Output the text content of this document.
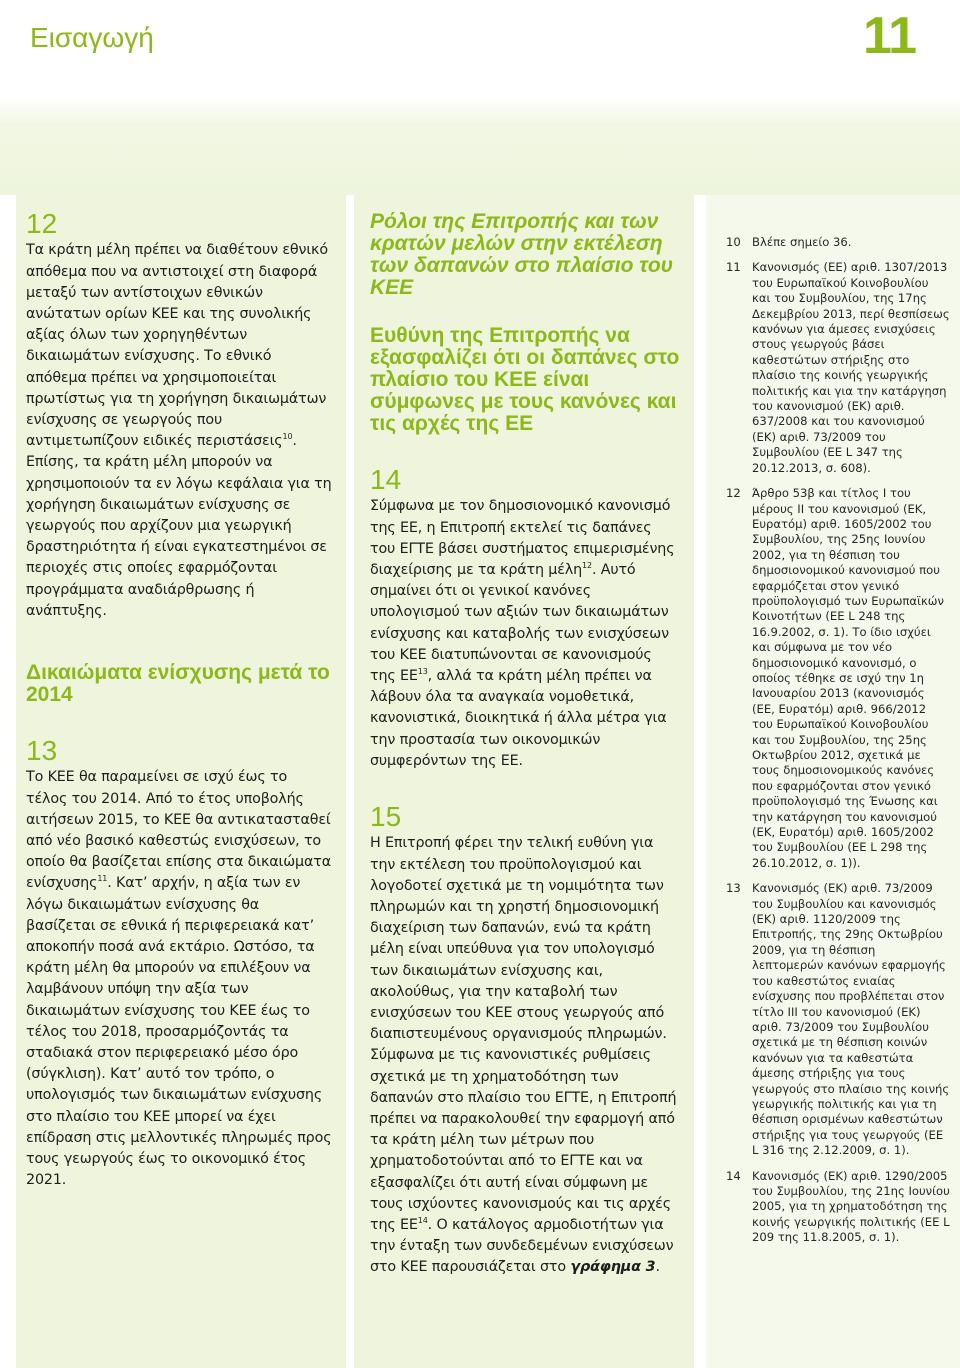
Εισαγωγή	11
12

Τα κράτη μέλη πρέπει να διαθέτουν εθνικό απόθεμα που να αντιστοιχεί στη διαφορά μεταξύ των αντίστοιχων εθνικών ανώτατων ορίων ΚΕΕ και της συνολικής αξίας όλων των χορηγηθέντων δικαιωμάτων ενίσχυσης. Το εθνικό απόθεμα πρέπει να χρησιμοποιείται πρωτίστως για τη χορήγηση δικαιωμάτων ενίσχυσης σε γεωργούς που αντιμετωπίζουν ειδικές περιστάσεις$^{10}$. Επίσης, τα κράτη μέλη μπορούν να χρησιμοποιούν τα εν λόγω κεφάλαια για τη χορήγηση δικαιωμάτων ενίσχυσης σε γεωργούς που αρχίζουν μια γεωργική δραστηριότητα ή είναι εγκατεστημένοι σε περιοχές στις οποίες εφαρμόζονται προγράμματα αναδιάρθρωσης ή ανάπτυξης.

Δικαιώματα ενίσχυσης μετά το 2014
13

Το ΚΕΕ θα παραμείνει σε ισχύ έως το τέλος του 2014. Από το έτος υποβολής αιτήσεων 2015, το ΚΕΕ θα αντικατασταθεί από νέο βασικό καθεστώς ενισχύσεων, το οποίο θα βασίζεται επίσης στα δικαιώματα ενίσχυσης$^{11}$. Κατ’ αρχήν, η αξία των εν λόγω δικαιωμάτων ενίσχυσης θα βασίζεται σε εθνικά ή περιφερειακά κατ’ αποκοπήν ποσά ανά εκτάριο. Ωστόσο, τα κράτη μέλη θα μπορούν να επιλέξουν να λαμβάνουν υπόψη την αξία των δικαιωμάτων ενίσχυσης του ΚΕΕ έως το τέλος του 2018, προσαρμόζοντάς τα σταδιακά στον περιφερειακό μέσο όρο (σύγκλιση). Κατ’ αυτό τον τρόπο, ο υπολογισμός των δικαιωμάτων ενίσχυσης στο πλαίσιο του ΚΕΕ μπορεί να έχει επίδραση στις μελλοντικές πληρωμές προς τους γεωργούς έως το οικονομικό έτος 2021.

Ρόλοι της Επιτροπής και των κρατών μελών στην εκτέλεση των δαπανών στο πλαίσιο του ΚΕΕ
Ευθύνη της Επιτροπής να εξασφαλίζει ότι οι δαπάνες στο πλαίσιο του ΚΕΕ είναι σύμφωνες με τους κανόνες και τις αρχές της ΕΕ
14

Σύμφωνα με τον δημοσιονομικό κανονισμό της ΕΕ, η Επιτροπή εκτελεί τις δαπάνες του ΕΓΤΕ βάσει συστήματος επιμερισμένης διαχείρισης με τα κράτη μέλη$^{12}$. Αυτό σημαίνει ότι οι γενικοί κανόνες υπολογισμού των αξιών των δικαιωμάτων ενίσχυσης και καταβολής των ενισχύσεων του ΚΕΕ διατυπώνονται σε κανονισμούς της ΕΕ$^{13}$, αλλά τα κράτη μέλη πρέπει να λάβουν όλα τα αναγκαία νομοθετικά, κανονιστικά, διοικητικά ή άλλα μέτρα για την προστασία των οικονομικών συμφερόντων της ΕΕ.

15

Η Επιτροπή φέρει την τελική ευθύνη για την εκτέλεση του προϋπολογισμού και λογοδοτεί σχετικά με τη νομιμότητα των πληρωμών και τη χρηστή δημοσιονομική διαχείριση των δαπανών, ενώ τα κράτη μέλη είναι υπεύθυνα για τον υπολογισμό των δικαιωμάτων ενίσχυσης και, ακολούθως, για την καταβολή των ενισχύσεων του ΚΕΕ στους γεωργούς από διαπιστευμένους οργανισμούς πληρωμών. Σύμφωνα με τις κανονιστικές ρυθμίσεις σχετικά με τη χρηματοδότηση των δαπανών στο πλαίσιο του ΕΓΤΕ, η Επιτροπή πρέπει να παρακολουθεί την εφαρμογή από τα κράτη μέλη των μέτρων που χρηματοδοτούνται από το ΕΓΤΕ και να εξασφαλίζει ότι αυτή είναι σύμφωνη με τους ισχύοντες κανονισμούς και τις αρχές της ΕΕ$^{14}$. Ο κατάλογος αρμοδιοτήτων για την ένταξη των συνδεδεμένων ενισχύσεων στο ΚΕΕ παρουσιάζεται στο γράφημα 3.

10 Βλέπε σημείο 36.
11 Κανονισμός (ΕΕ) αριθ. 1307/2013 του Ευρωπαϊκού Κοινοβουλίου και του Συμβουλίου, της 17ης Δεκεμβρίου 2013, περί θεσπίσεως κανόνων για άμεσες ενισχύσεις στους γεωργούς βάσει καθεστώτων στήριξης στο πλαίσιο της κοινής γεωργικής πολιτικής και για την κατάργηση του κανονισμού (ΕΚ) αριθ. 637/2008 και του κανονισμού (ΕΚ) αριθ. 73/2009 του Συμβουλίου (ΕΕ L 347 της 20.12.2013, σ. 608).
12 Άρθρο 53β και τίτλος I του μέρους II του κανονισμού (ΕΚ, Ευρατόμ) αριθ. 1605/2002 του Συμβουλίου, της 25ης Ιουνίου 2002, για τη θέσπιση του δημοσιονομικού κανονισμού που εφαρμόζεται στον γενικό προϋπολογισμό των Ευρωπαϊκών Κοινοτήτων (ΕΕ L 248 της 16.9.2002, σ. 1). Το ίδιο ισχύει και σύμφωνα με τον νέο δημοσιονομικό κανονισμό, ο οποίος τέθηκε σε ισχύ την 1η Ιανουαρίου 2013 (κανονισμός (ΕΕ, Ευρατόμ) αριθ. 966/2012 του Ευρωπαϊκού Κοινοβουλίου και του Συμβουλίου, της 25ης Οκτωβρίου 2012, σχετικά με τους δημοσιονομικούς κανόνες που εφαρμόζονται στον γενικό προϋπολογισμό της Ένωσης και την κατάργηση του κανονισμού (ΕΚ, Ευρατόμ) αριθ. 1605/2002 του Συμβουλίου (ΕΕ L 298 της 26.10.2012, σ. 1)).
13 Κανονισμός (ΕΚ) αριθ. 73/2009 του Συμβουλίου και κανονισμός (ΕΚ) αριθ. 1120/2009 της Επιτροπής, της 29ης Οκτωβρίου 2009, για τη θέσπιση λεπτομερών κανόνων εφαρμογής του καθεστώτος ενιαίας ενίσχυσης που προβλέπεται στον τίτλο III του κανονισμού (ΕΚ) αριθ. 73/2009 του Συμβουλίου σχετικά με τη θέσπιση κοινών κανόνων για τα καθεστώτα άμεσης στήριξης για τους γεωργούς στο πλαίσιο της κοινής γεωργικής πολιτικής και για τη θέσπιση ορισμένων καθεστώτων στήριξης για τους γεωργούς (ΕΕ L 316 της 2.12.2009, σ. 1).
14 Κανονισμός (ΕΚ) αριθ. 1290/2005 του Συμβουλίου, της 21ης Ιουνίου 2005, για τη χρηματοδότηση της κοινής γεωργικής πολιτικής (ΕΕ L 209 της 11.8.2005, σ. 1).
